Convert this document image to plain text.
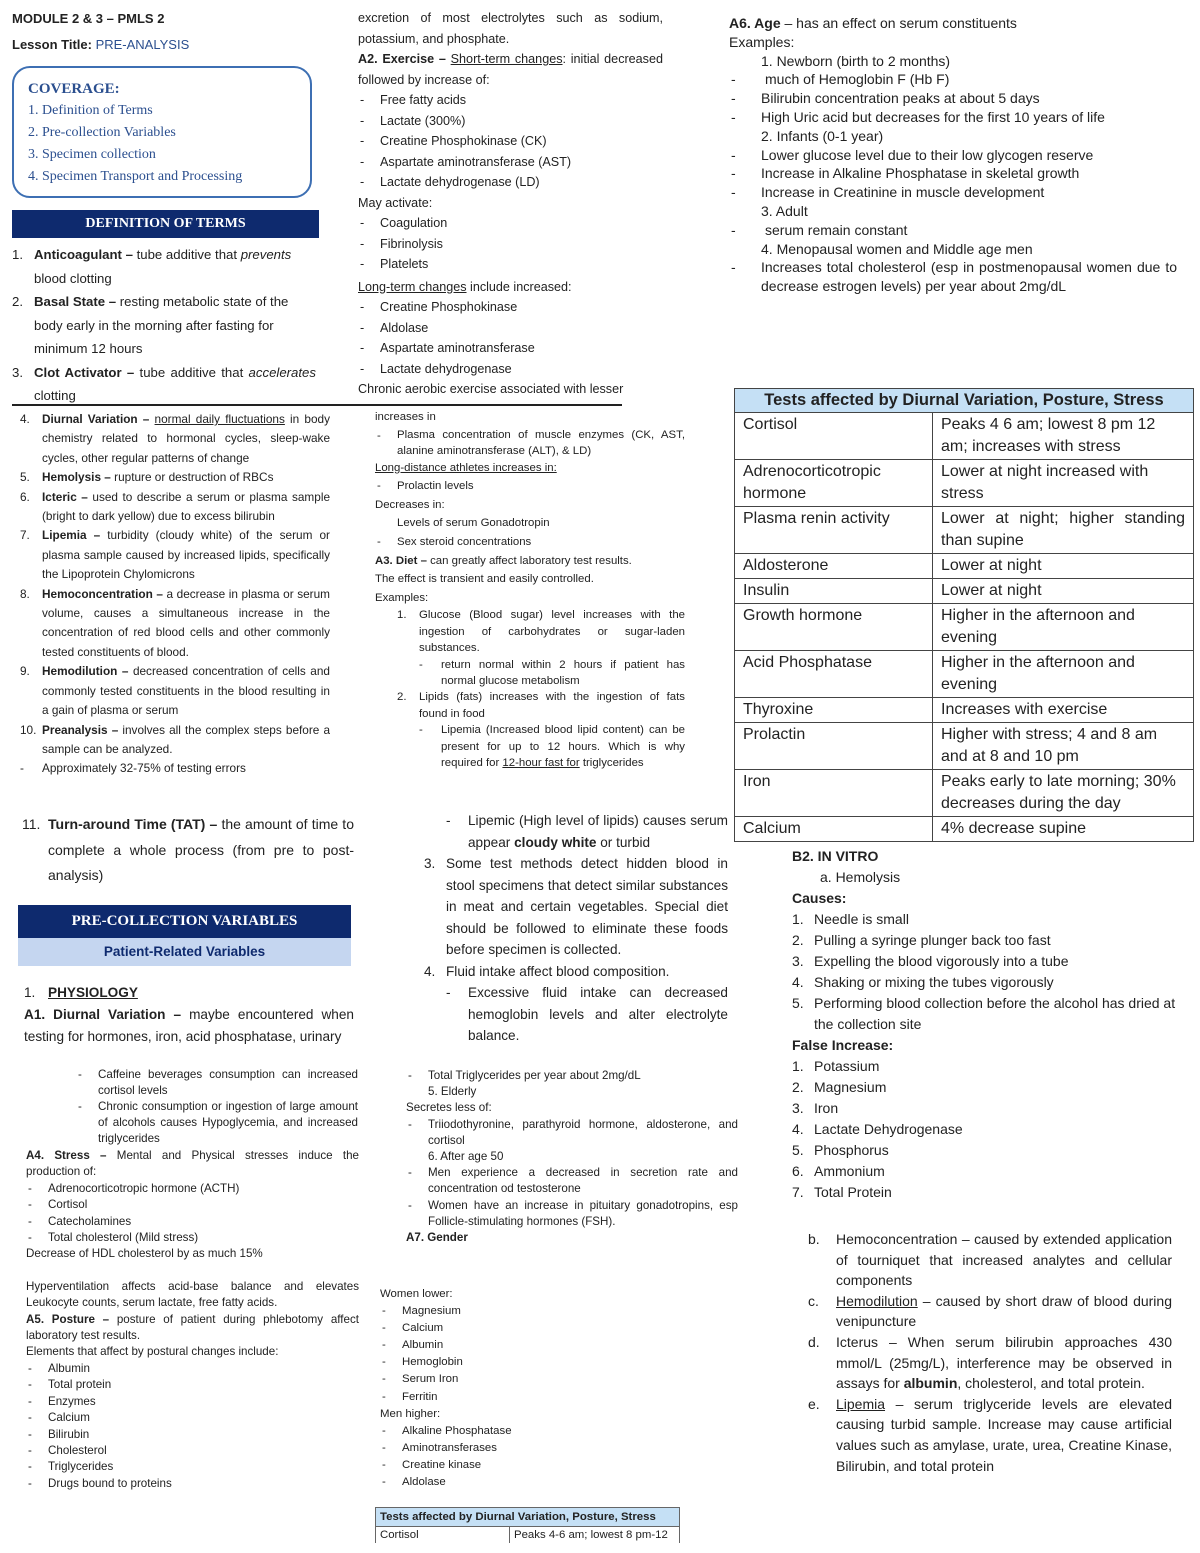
MODULE 2 & 3 – PMLS 2
Lesson Title: PRE-ANALYSIS
COVERAGE:
1. Definition of Terms
2. Pre-collection Variables
3. Specimen collection
4. Specimen Transport and Processing
DEFINITION OF TERMS
1. Anticoagulant – tube additive that prevents blood clotting
2. Basal State – resting metabolic state of the body early in the morning after fasting for minimum 12 hours
3. Clot Activator – tube additive that accelerates clotting
4.	Diurnal Variation – normal daily fluctuations in body chemistry related to hormonal cycles, sleep-wake cycles, other regular patterns of change
5.	Hemolysis – rupture or destruction of RBCs
6.	Icteric – used to describe a serum or plasma sample (bright to dark yellow) due to excess bilirubin
7.	Lipemia – turbidity (cloudy white) of the serum or plasma sample caused by increased lipids, specifically the Lipoprotein Chylomicrons
8.	Hemoconcentration – a decrease in plasma or serum volume, causes a simultaneous increase in the concentration of red blood cells and other commonly tested constituents of blood.
9.	Hemodilution – decreased concentration of cells and commonly tested constituents in the blood resulting in a gain of plasma or serum
10. Preanalysis – involves all the complex steps before a sample can be analyzed.
-	Approximately 32-75% of testing errors
11. Turn-around Time (TAT) – the amount of time to complete a whole process (from pre to post-analysis)
PRE-COLLECTION VARIABLES
Patient-Related Variables
1. PHYSIOLOGY
A1. Diurnal Variation – maybe encountered when testing for hormones, iron, acid phosphatase, urinary
-	Caffeine beverages consumption can increased cortisol levels
-	Chronic consumption or ingestion of large amount of alcohols causes Hypoglycemia, and increased triglycerides
A4. Stress – Mental and Physical stresses induce the production of:
-	Adrenocorticotropic hormone (ACTH)
-	Cortisol
-	Catecholamines
-	Total cholesterol (Mild stress)
Decrease of HDL cholesterol by as much 15%
Hyperventilation affects acid-base balance and elevates Leukocyte counts, serum lactate, free fatty acids.
A5. Posture – posture of patient during phlebotomy affect laboratory test results.
Elements that affect by postural changes include:
-	Albumin
-	Total protein
-	Enzymes
-	Calcium
-	Bilirubin
-	Cholesterol
-	Triglycerides
-	Drugs bound to proteins
excretion of most electrolytes such as sodium, potassium, and phosphate.
A2. Exercise – Short-term changes: initial decreased followed by increase of:
-	Free fatty acids
-	Lactate (300%)
-	Creatine Phosphokinase (CK)
-	Aspartate aminotransferase (AST)
-	Lactate dehydrogenase (LD)
May activate:
-	Coagulation
-	Fibrinolysis
-	Platelets
Long-term changes include increased:
-	Creatine Phosphokinase
-	Aldolase
-	Aspartate aminotransferase
-	Lactate dehydrogenase
Chronic aerobic exercise associated with lesser
increases in
-	Plasma concentration of muscle enzymes (CK, AST, alanine aminotransferase (ALT), & LD)
Long-distance athletes increases in:
-	Prolactin levels
Decreases in:
Levels of serum Gonadotropin
-	Sex steroid concentrations
A3. Diet – can greatly affect laboratory test results.
The effect is transient and easily controlled.
Examples:
1.	Glucose (Blood sugar) level increases with the ingestion of carbohydrates or sugar-laden substances.
-	return normal within 2 hours if patient has normal glucose metabolism
2.	Lipids (fats) increases with the ingestion of fats found in food
-	Lipemia (Increased blood lipid content) can be present for up to 12 hours. Which is why required for 12-hour fast for triglycerides
-	Lipemic (High level of lipids) causes serum appear cloudy white or turbid
3. Some test methods detect hidden blood in stool specimens that detect similar substances in meat and certain vegetables. Special diet should be followed to eliminate these foods before specimen is collected.
4. Fluid intake affect blood composition.
-	Excessive fluid intake can decreased hemoglobin levels and alter electrolyte balance.
-	Total Triglycerides per year about 2mg/dL
5. Elderly
Secretes less of:
-	Triiodothyronine, parathyroid hormone, aldosterone, and cortisol
6. After age 50
-	Men experience a decreased in secretion rate and concentration od testosterone
-	Women have an increase in pituitary gonadotropins, esp Follicle-stimulating hormones (FSH).
A7. Gender
Women lower:
-	Magnesium
-	Calcium
-	Albumin
-	Hemoglobin
-	Serum Iron
-	Ferritin
Men higher:
-	Alkaline Phosphatase
-	Aminotransferases
-	Creatine kinase
-	Aldolase
Tests affected by Diurnal Variation, Posture, Stress
Cortisol	Peaks 4-6 am; lowest 8 pm-12
A6. Age – has an effect on serum constituents
Examples:
1. Newborn (birth to 2 months)
-	much of Hemoglobin F (Hb F)
-	Bilirubin concentration peaks at about 5 days
-	High Uric acid but decreases for the first 10 years of life
2. Infants (0-1 year)
-	Lower glucose level due to their low glycogen reserve
-	Increase in Alkaline Phosphatase in skeletal growth
-	Increase in Creatinine in muscle development
3. Adult
-	serum remain constant
4. Menopausal women and Middle age men
-	Increases total cholesterol (esp in postmenopausal women due to decrease estrogen levels) per year about 2mg/dL
Tests affected by Diurnal Variation, Posture, Stress	
Cortisol	Peaks 4 6 am; lowest 8 pm 12 am; increases with stress
Adrenocorticotropic hormone	Lower at night increased with stress
Plasma renin activity	Lower at night; higher standing than supine
Aldosterone	Lower at night
Insulin	Lower at night
Growth hormone	Higher in the afternoon and evening
Acid Phosphatase	Higher in the afternoon and evening
Thyroxine	Increases with exercise
Prolactin	Higher with stress; 4 and 8 am and at 8 and 10 pm
Iron	Peaks early to late morning; 30% decreases during the day
Calcium	4% decrease supine
B2. IN VITRO
a. Hemolysis
Causes:
1. Needle is small
2. Pulling a syringe plunger back too fast
3. Expelling the blood vigorously into a tube
4. Shaking or mixing the tubes vigorously
5. Performing blood collection before the alcohol has dried at the collection site
False Increase:
1. Potassium
2. Magnesium
3. Iron
4. Lactate Dehydrogenase
5. Phosphorus
6. Ammonium
7. Total Protein
b.	Hemoconcentration – caused by extended application of tourniquet that increased analytes and cellular components
c.	Hemodilution – caused by short draw of blood during venipuncture
d.	Icterus – When serum bilirubin approaches 430 mmol/L (25mg/L), interference may be observed in assays for albumin, cholesterol, and total protein.
e.	Lipemia – serum triglyceride levels are elevated causing turbid sample. Increase may cause artificial values such as amylase, urate, urea, Creatine Kinase, Bilirubin, and total protein
